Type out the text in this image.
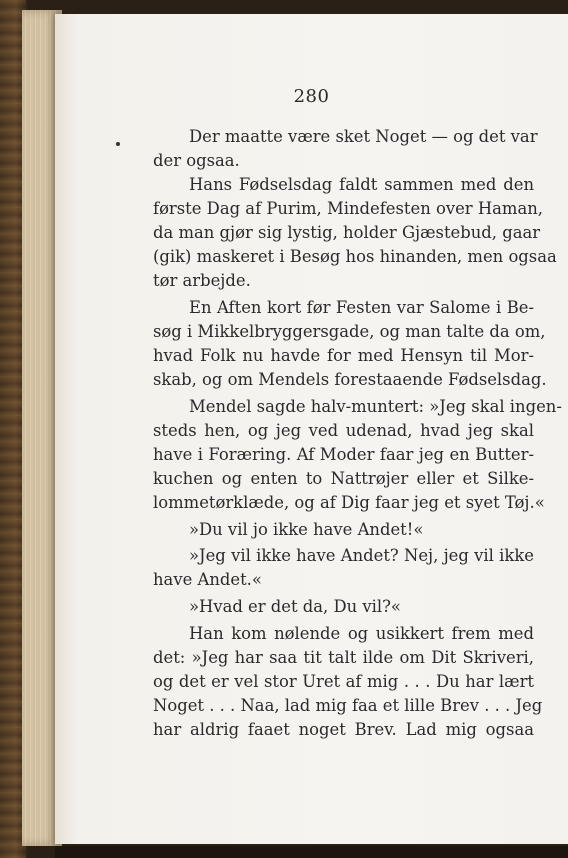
280
Der maatte være sket Noget — og det var
der ogsaa.
Hans Fødselsdag faldt sammen med den
første Dag af Purim, Mindefesten over Haman,
da man gjør sig lystig, holder Gjæstebud, gaar
(gik) maskeret i Besøg hos hinanden, men ogsaa
tør arbejde.
En Aften kort før Festen var Salome i Be-
søg i Mikkelbryggersgade, og man talte da om,
hvad Folk nu havde for med Hensyn til Mor-
skab, og om Mendels forestaaende Fødselsdag.
Mendel sagde halv-muntert: »Jeg skal ingen-
steds hen, og jeg ved udenad, hvad jeg skal
have i Foræring. Af Moder faar jeg en Butter-
kuchen og enten to Nattrøjer eller et Silke-
lommetørklæde, og af Dig faar jeg et syet Tøj.«
»Du vil jo ikke have Andet!«
»Jeg vil ikke have Andet? Nej, jeg vil ikke
have Andet.«
»Hvad er det da, Du vil?«
Han kom nølende og usikkert frem med
det: »Jeg har saa tit talt ilde om Dit Skriveri,
og det er vel stor Uret af mig . . . Du har lært
Noget . . . Naa, lad mig faa et lille Brev . . . Jeg
har aldrig faaet noget Brev. Lad mig ogsaa
